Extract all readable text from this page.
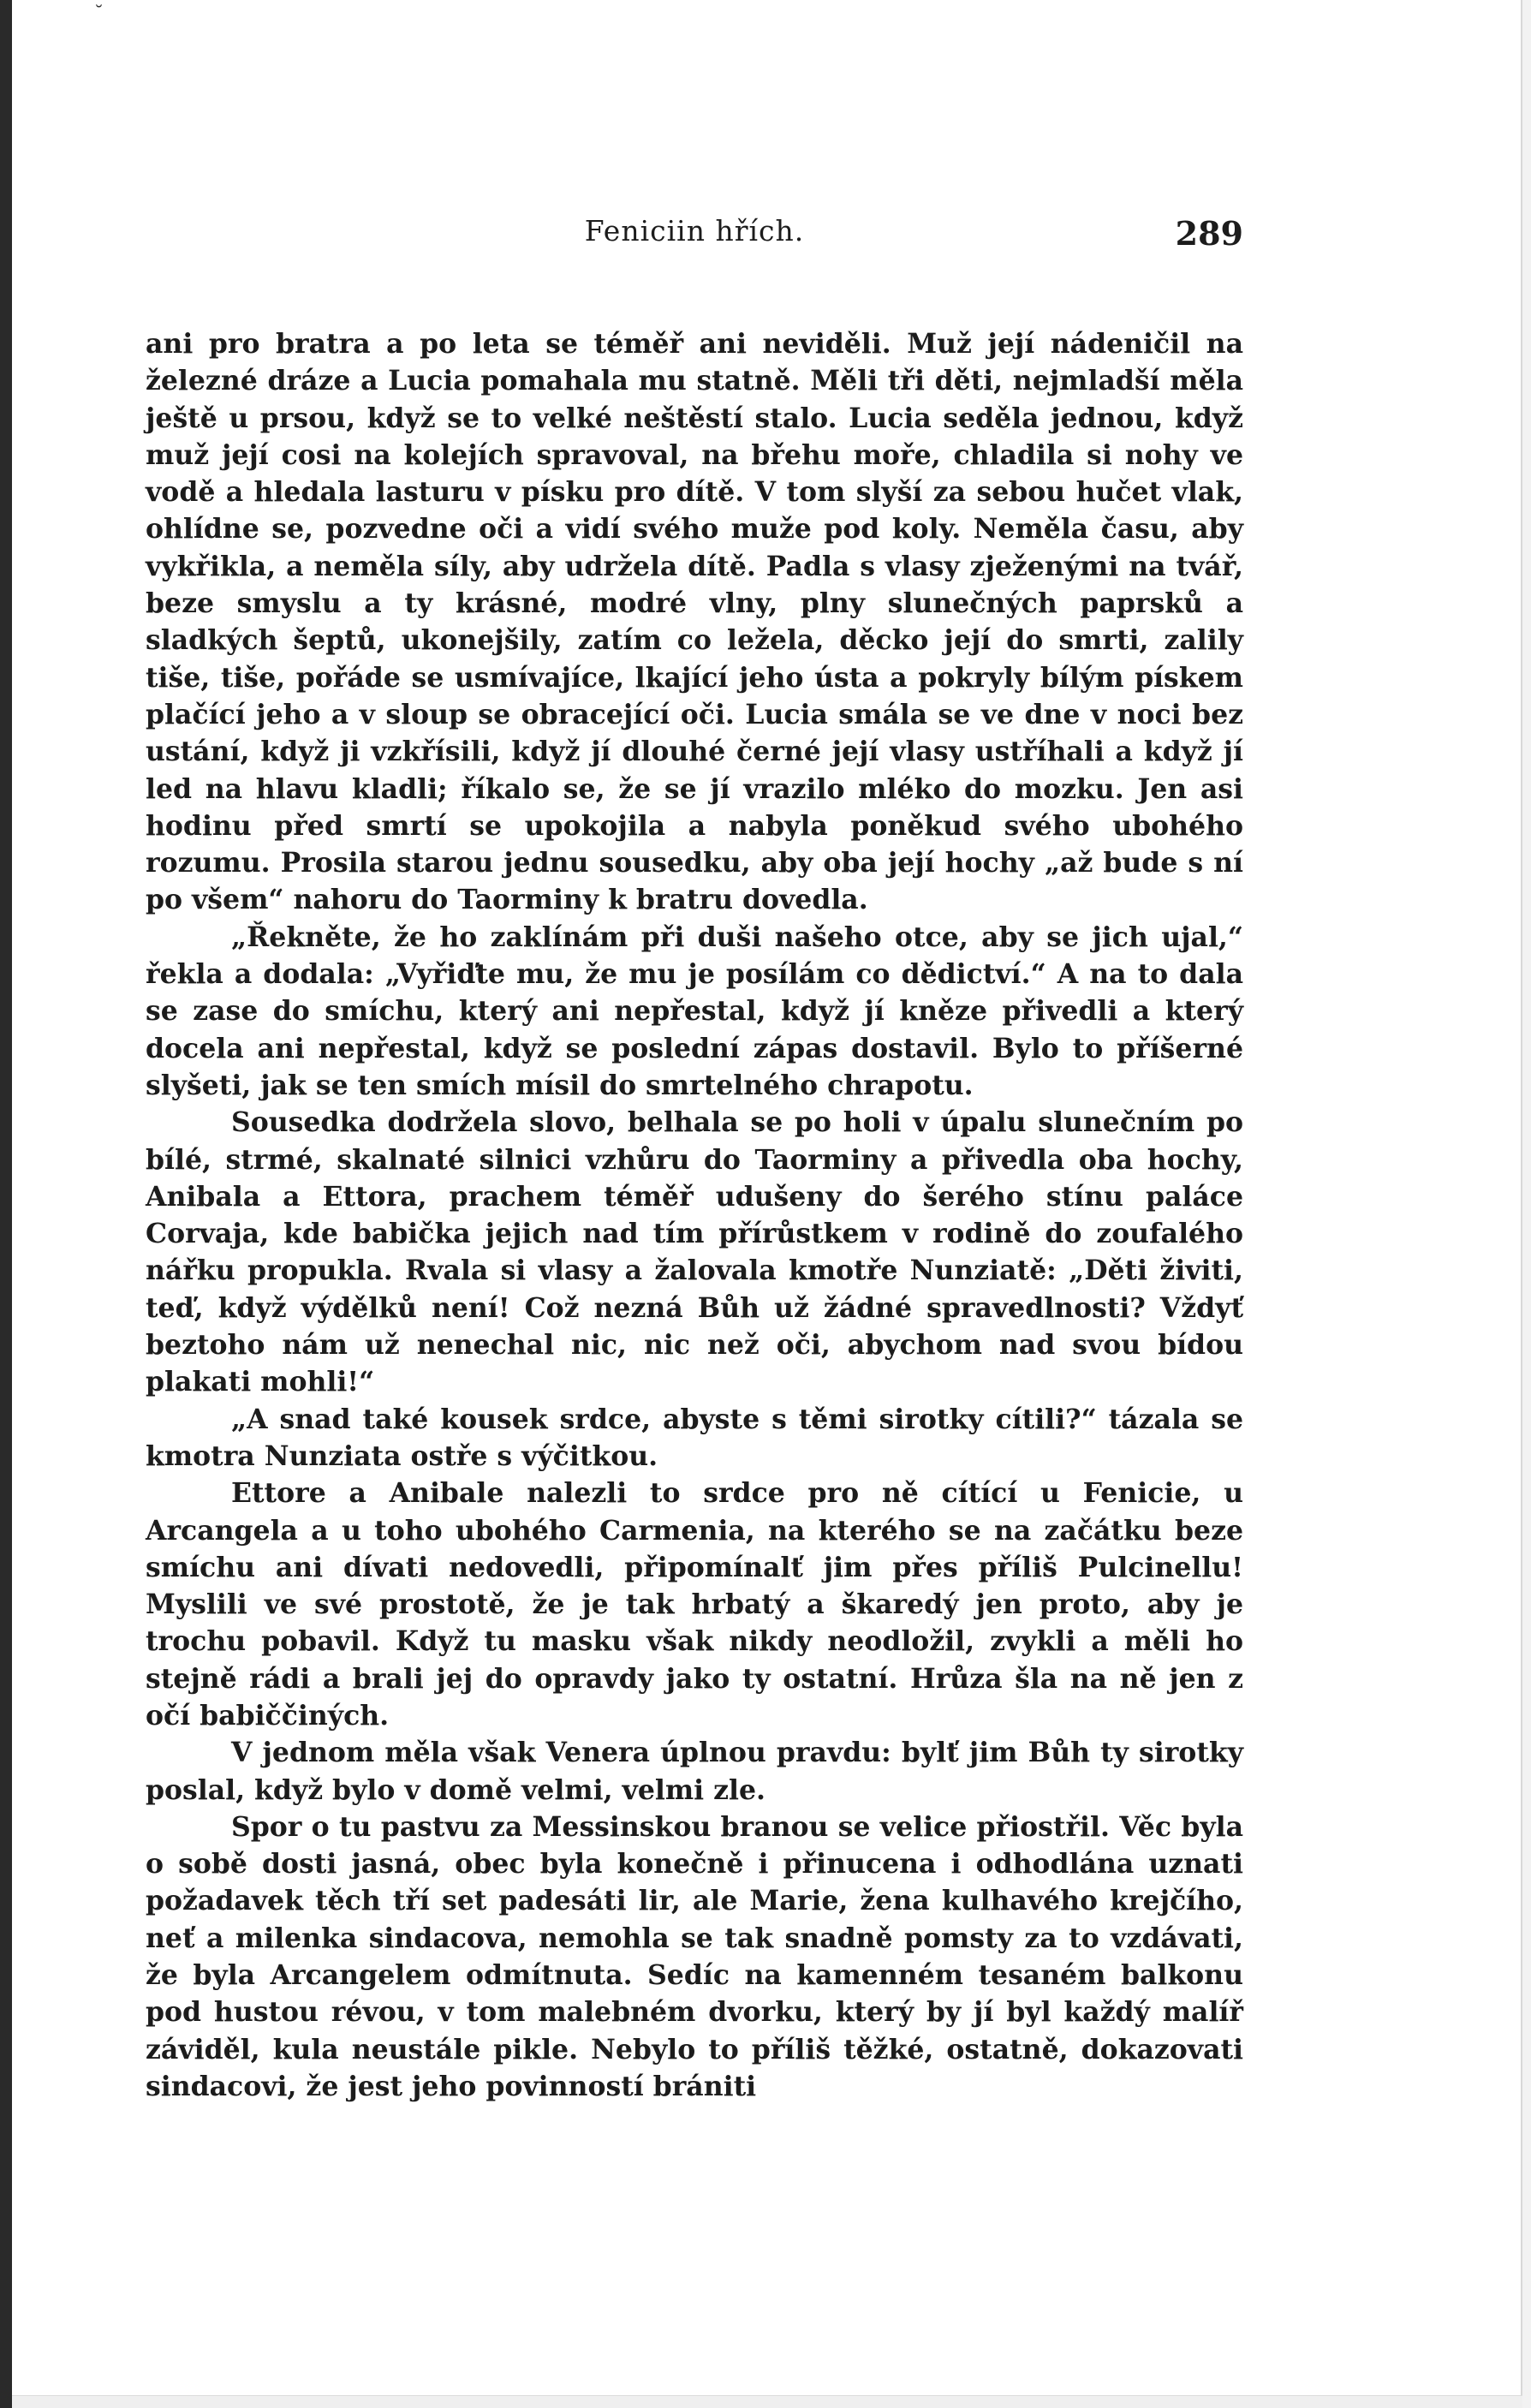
˘
Feniciin hřích.	289

ani pro bratra a po leta se téměř ani neviděli. Muž její nádeničil na železné dráze a Lucia pomahala mu statně. Měli tři děti, nejmladší měla ještě u prsou, když se to velké neštěstí stalo. Lucia seděla jednou, když muž její cosi na kolejích spravoval, na břehu moře, chladila si nohy ve vodě a hledala lasturu v písku pro dítě. V tom slyší za sebou hučet vlak, ohlídne se, pozvedne oči a vidí svého muže pod koly. Neměla času, aby vykřikla, a neměla síly, aby udržela dítě. Padla s vlasy zježenými na tvář, beze smyslu a ty krásné, modré vlny, plny slunečných paprsků a sladkých šeptů, ukonejšily, zatím co ležela, děcko její do smrti, zalily tiše, tiše, pořáde se usmívajíce, lkající jeho ústa a pokryly bílým pískem plačící jeho a v sloup se obracející oči. Lucia smála se ve dne v noci bez ustání, když ji vzkřísili, když jí dlouhé černé její vlasy ustříhali a když jí led na hlavu kladli; říkalo se, že se jí vrazilo mléko do mozku. Jen asi hodinu před smrtí se upokojila a nabyla poněkud svého ubohého rozumu. Prosila starou jednu sousedku, aby oba její hochy „až bude s ní po všem“ nahoru do Taorminy k bratru dovedla.

„Řekněte, že ho zaklínám při duši našeho otce, aby se jich ujal,“ řekla a dodala: „Vyřiďte mu, že mu je posílám co dědictví.“ A na to dala se zase do smíchu, který ani nepřestal, když jí kněze přivedli a který docela ani nepřestal, když se poslední zápas dostavil. Bylo to příšerné slyšeti, jak se ten smích mísil do smrtelného chrapotu.

Sousedka dodržela slovo, belhala se po holi v úpalu slunečním po bílé, strmé, skalnaté silnici vzhůru do Taorminy a přivedla oba hochy, Anibala a Ettora, prachem téměř udušeny do šerého stínu paláce Corvaja, kde babička jejich nad tím přírůstkem v rodině do zoufalého nářku propukla. Rvala si vlasy a žalovala kmotře Nunziatě: „Děti živiti, teď, když výdělků není! Což nezná Bůh už žádné spravedlnosti? Vždyť beztoho nám už nenechal nic, nic než oči, abychom nad svou bídou plakati mohli!“

„A snad také kousek srdce, abyste s těmi sirotky cítili?“ tázala se kmotra Nunziata ostře s výčitkou.

Ettore a Anibale nalezli to srdce pro ně cítící u Fenicie, u Arcangela a u toho ubohého Carmenia, na kterého se na začátku beze smíchu ani dívati nedovedli, připomínalť jim přes příliš Pulcinellu! Myslili ve své prostotě, že je tak hrbatý a škaredý jen proto, aby je trochu pobavil. Když tu masku však nikdy neodložil, zvykli a měli ho stejně rádi a brali jej do opravdy jako ty ostatní. Hrůza šla na ně jen z očí babiččiných.

V jednom měla však Venera úplnou pravdu: bylť jim Bůh ty sirotky poslal, když bylo v domě velmi, velmi zle.

Spor o tu pastvu za Messinskou branou se velice přiostřil. Věc byla o sobě dosti jasná, obec byla konečně i přinucena i odhodlána uznati požadavek těch tří set padesáti lir, ale Marie, žena kulhavého krejčího, neť a milenka sindacova, nemohla se tak snadně pomsty za to vzdávati, že byla Arcangelem odmítnuta. Sedíc na kamenném tesaném balkonu pod hustou révou, v tom malebném dvorku, který by jí byl každý malíř záviděl, kula neustále pikle. Nebylo to příliš těžké, ostatně, dokazovati sindacovi, že jest jeho povinností brániti
